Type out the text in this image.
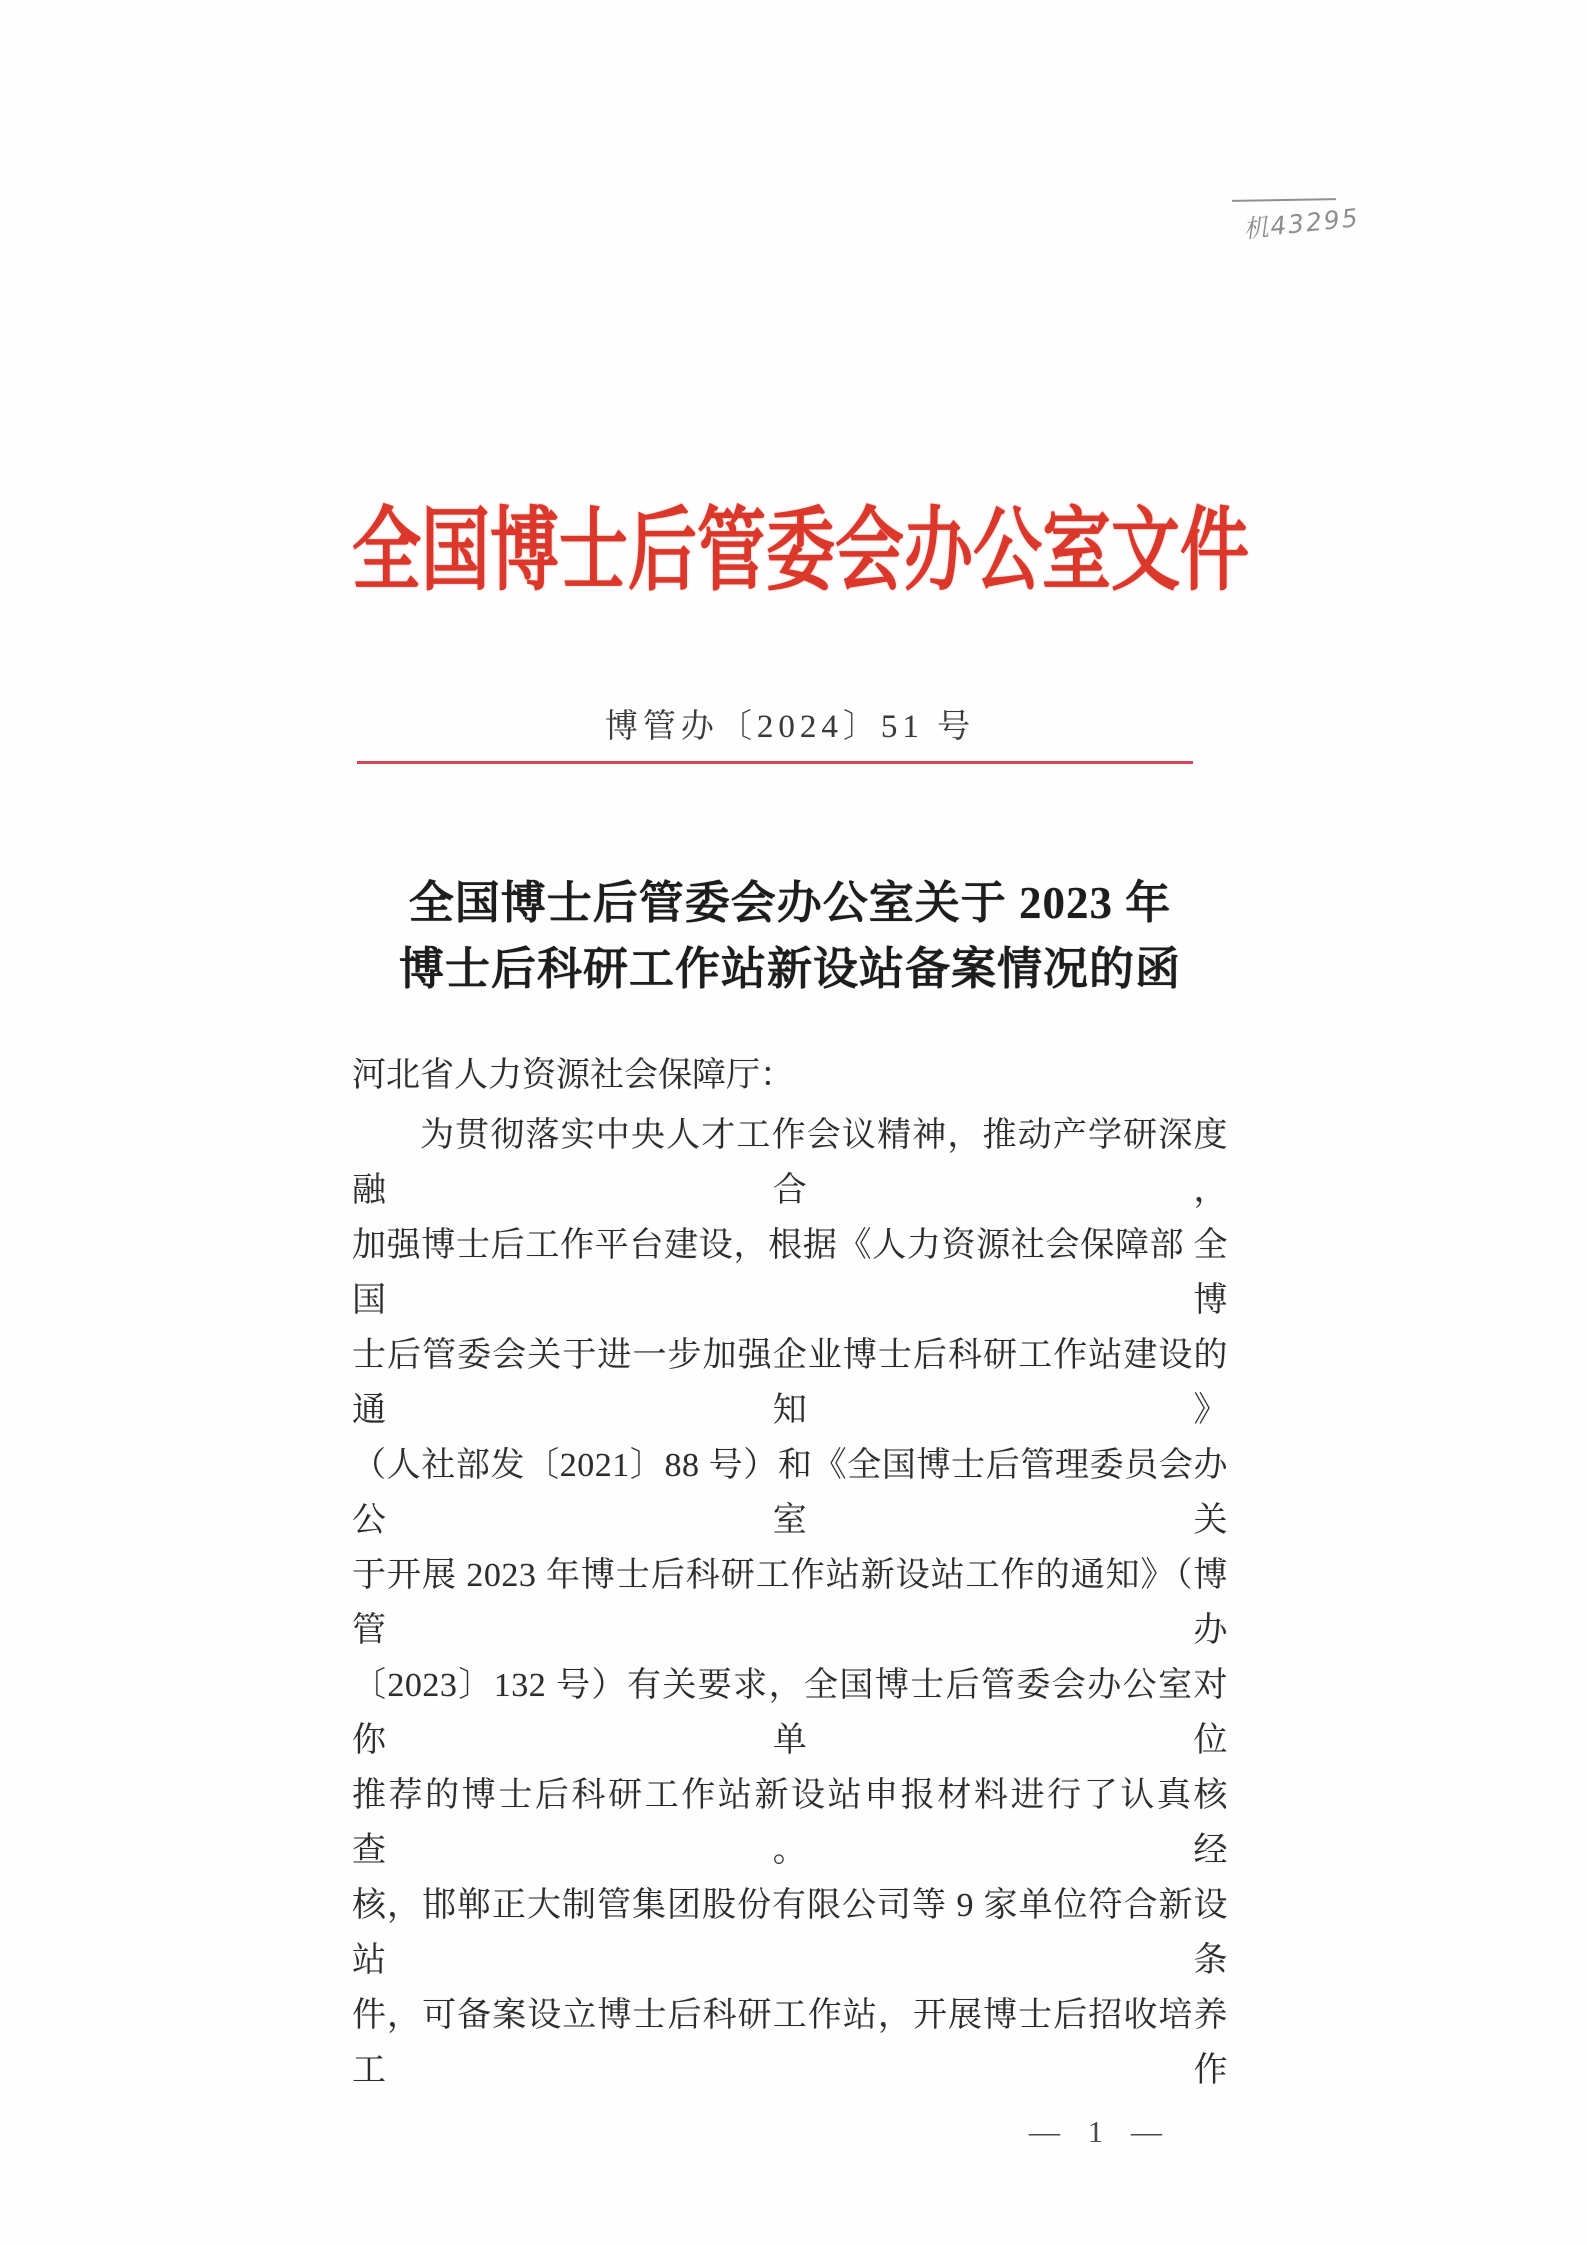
机43295
全国博士后管委会办公室文件
博管办〔2024〕51 号
全国博士后管委会办公室关于 2023 年
博士后科研工作站新设站备案情况的函
河北省人力资源社会保障厅：
为贯彻落实中央人才工作会议精神，推动产学研深度融合，
加强博士后工作平台建设，根据《人力资源社会保障部 全国博
士后管委会关于进一步加强企业博士后科研工作站建设的通知》
（人社部发〔2021〕88 号）和《全国博士后管理委员会办公室关
于开展 2023 年博士后科研工作站新设站工作的通知》（博管办
〔2023〕132 号）有关要求，全国博士后管委会办公室对你单位
推荐的博士后科研工作站新设站申报材料进行了认真核查。经
核，邯郸正大制管集团股份有限公司等 9 家单位符合新设站条
件，可备案设立博士后科研工作站，开展博士后招收培养工作
— 1 —
